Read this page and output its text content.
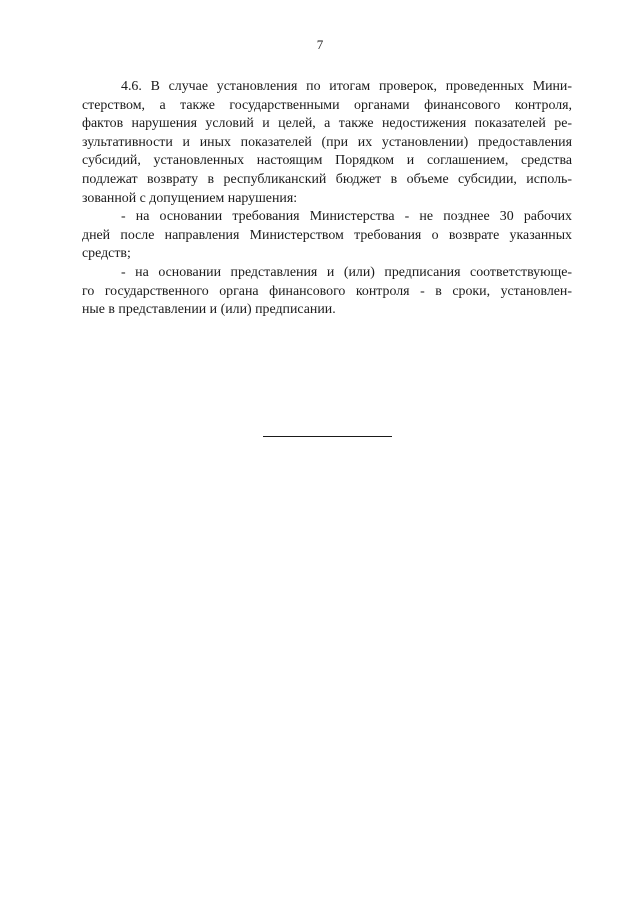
7
4.6. В случае установления по итогам проверок, проведенных Мини-
стерством, а также государственными органами финансового контроля,
фактов нарушения условий и целей, а также недостижения показателей ре-
зультативности и иных показателей (при их установлении) предоставления
субсидий, установленных настоящим Порядком и соглашением, средства
подлежат возврату в республиканский бюджет в объеме субсидии, исполь-
зованной с допущением нарушения:
- на основании требования Министерства - не позднее 30 рабочих
дней после направления Министерством требования о возврате указанных
средств;
- на основании представления и (или) предписания соответствующе-
го государственного органа финансового контроля - в сроки, установлен-
ные в представлении и (или) предписании.
